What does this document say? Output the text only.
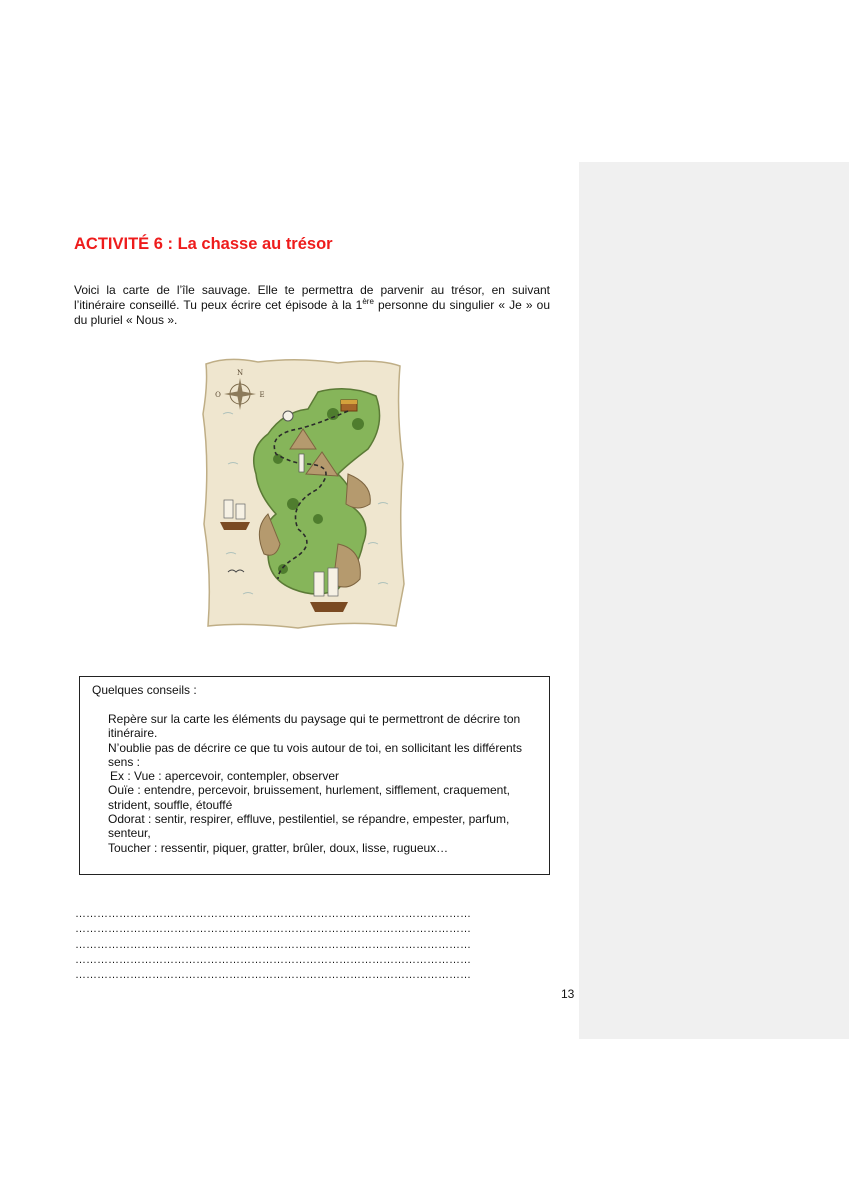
ACTIVITÉ 6 : La chasse au trésor

Voici la carte de l’île sauvage. Elle te permettra de parvenir au trésor, en suivant l’itinéraire conseillé. Tu peux écrire cet épisode à la 1ère personne du singulier « Je » ou du pluriel « Nous ».

N
O	E
Quelques conseils :
Repère sur la carte les éléments du paysage qui te permettront de décrire ton itinéraire.
N’oublie pas de décrire ce que tu vois autour de toi, en sollicitant les différents sens :
Ex : Vue : apercevoir, contempler, observer
Ouïe : entendre, percevoir, bruissement, hurlement, sifflement, craquement, strident, souffle, étouffé
Odorat : sentir, respirer, effluve, pestilentiel, se répandre, empester, parfum, senteur,
Toucher : ressentir, piquer, gratter, brûler, doux, lisse, rugueux…
………………………………………………………………………………………………
………………………………………………………………………………………………
………………………………………………………………………………………………
………………………………………………………………………………………………
………………………………………………………………………………………………
13
